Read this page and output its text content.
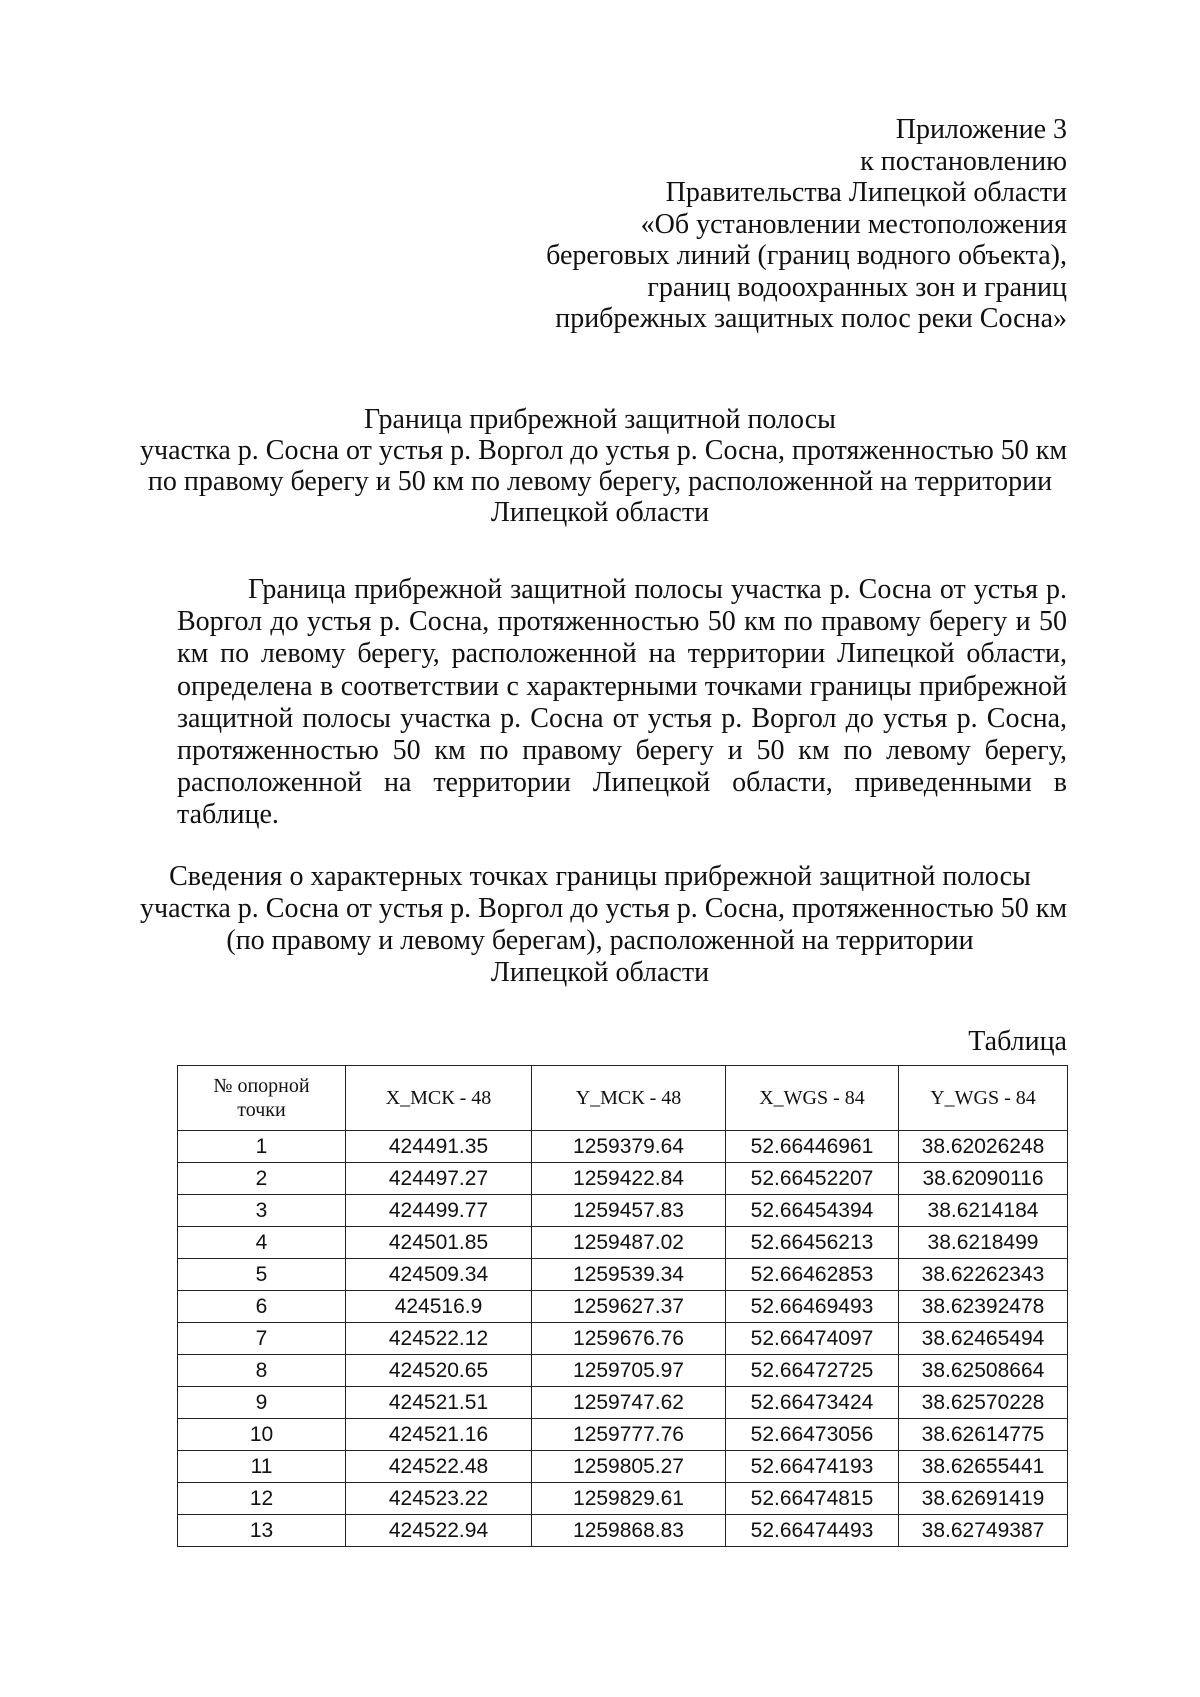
Приложение 3
к постановлению
Правительства Липецкой области
«Об установлении местоположения
береговых линий (границ водного объекта),
границ водоохранных зон и границ
прибрежных защитных полос реки Сосна»
Граница прибрежной защитной полосы
участка р. Сосна от устья р. Воргол до устья р. Сосна, протяженностью 50 км
по правому берегу и 50 км по левому берегу, расположенной на территории
Липецкой области

Граница прибрежной защитной полосы участка р. Сосна от устья р. Воргол до устья р. Сосна, протяженностью 50 км по правому берегу и 50 км по левому берегу, расположенной на территории Липецкой области, определена в соответствии с характерными точками границы прибрежной защитной полосы участка р. Сосна от устья р. Воргол до устья р. Сосна, протяженностью 50 км по правому берегу и 50 км по левому берегу, расположенной на территории Липецкой области, приведенными в таблице.

Сведения о характерных точках границы прибрежной защитной полосы
участка р. Сосна от устья р. Воргол до устья р. Сосна, протяженностью 50 км
(по правому и левому берегам), расположенной на территории
Липецкой области
Таблица
№ опорной
точки	X_МСК - 48	Y_МСК - 48	X_WGS - 84	Y_WGS - 84
1	424491.35	1259379.64	52.66446961	38.62026248
2	424497.27	1259422.84	52.66452207	38.62090116
3	424499.77	1259457.83	52.66454394	38.6214184
4	424501.85	1259487.02	52.66456213	38.6218499
5	424509.34	1259539.34	52.66462853	38.62262343
6	424516.9	1259627.37	52.66469493	38.62392478
7	424522.12	1259676.76	52.66474097	38.62465494
8	424520.65	1259705.97	52.66472725	38.62508664
9	424521.51	1259747.62	52.66473424	38.62570228
10	424521.16	1259777.76	52.66473056	38.62614775
11	424522.48	1259805.27	52.66474193	38.62655441
12	424523.22	1259829.61	52.66474815	38.62691419
13	424522.94	1259868.83	52.66474493	38.62749387
